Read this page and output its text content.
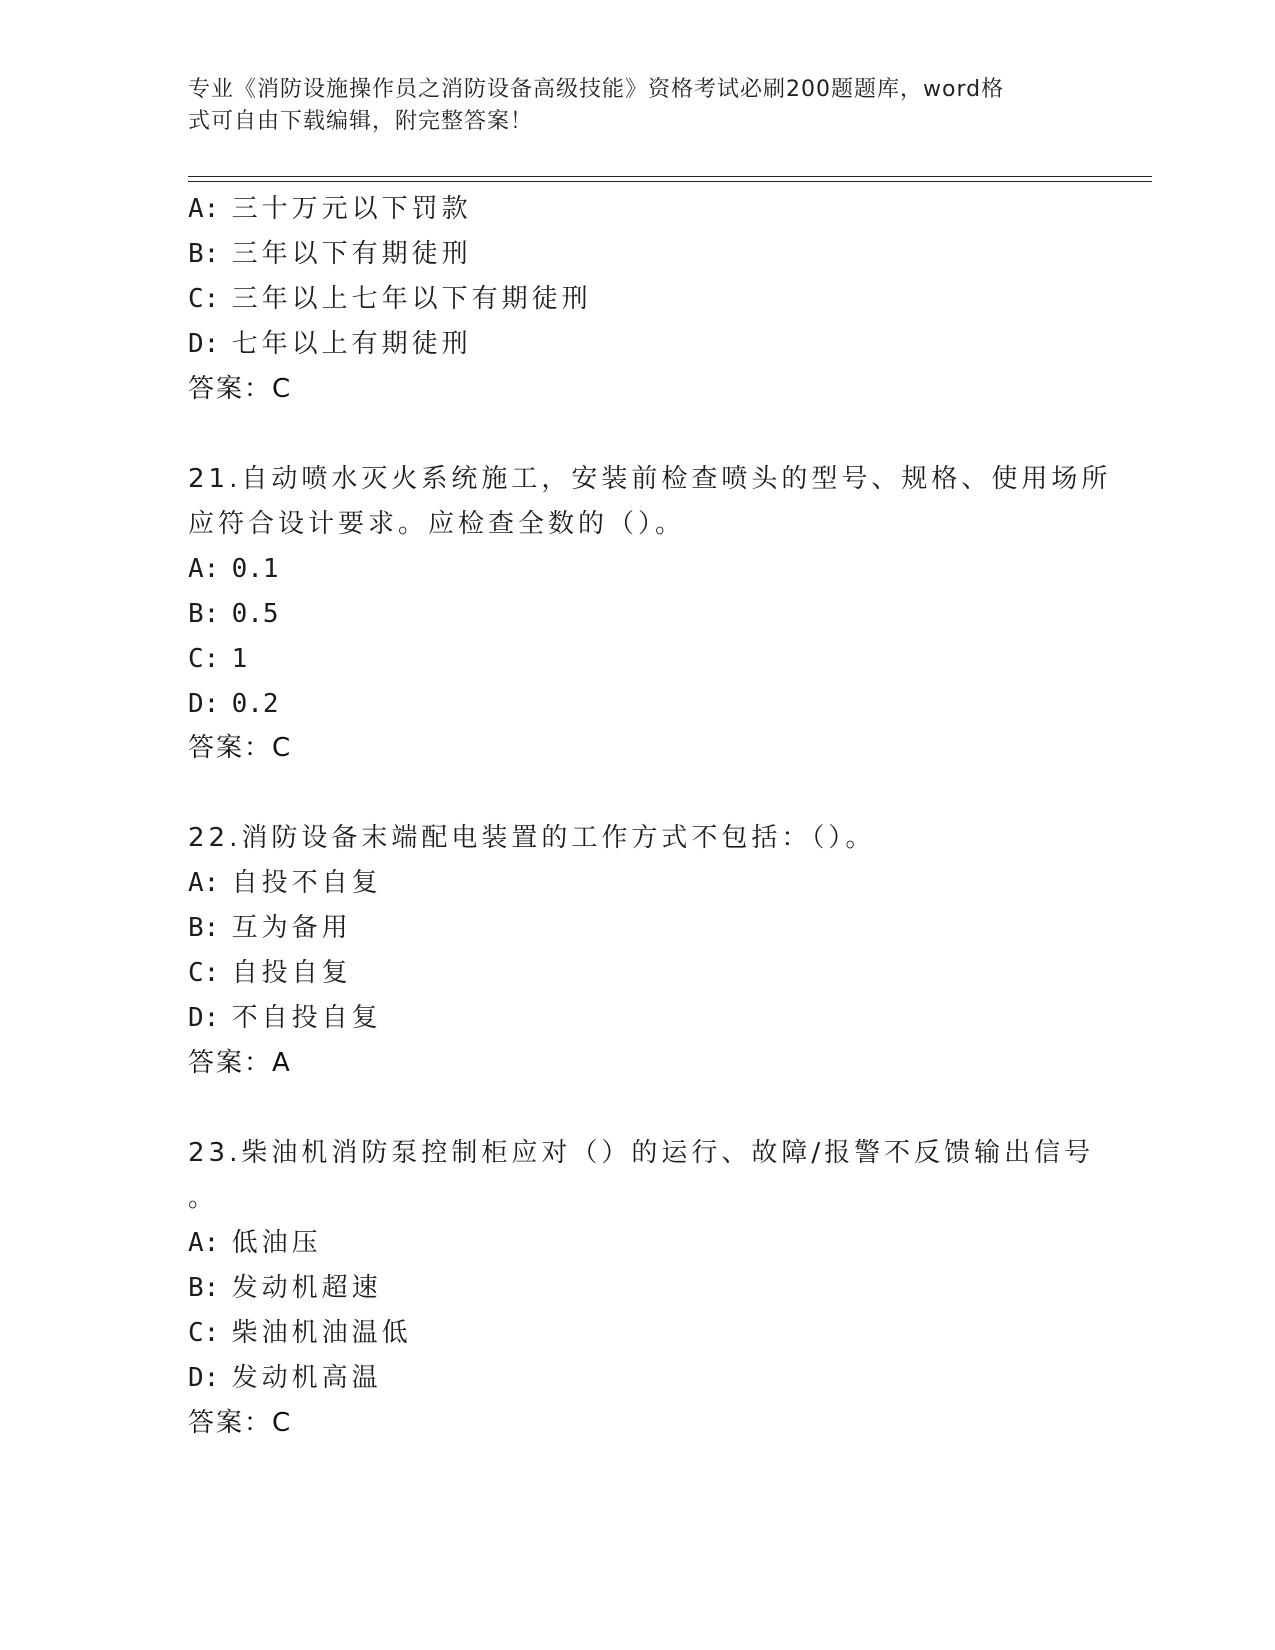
专业《消防设施操作员之消防设备高级技能》资格考试必刷200题题库，word格
式可自由下载编辑，附完整答案！
A: 三十万元以下罚款
B: 三年以下有期徒刑
C: 三年以上七年以下有期徒刑
D: 七年以上有期徒刑
答案：C
21.自动喷水灭火系统施工，安装前检查喷头的型号、规格、使用场所
应符合设计要求。应检查全数的（）。
A: 0.1
B: 0.5
C: 1
D: 0.2
答案：C
22.消防设备末端配电装置的工作方式不包括：（）。
A: 自投不自复
B: 互为备用
C: 自投自复
D: 不自投自复
答案：A
23.柴油机消防泵控制柜应对（）的运行、故障/报警不反馈输出信号
。
A: 低油压
B: 发动机超速
C: 柴油机油温低
D: 发动机高温
答案：C
